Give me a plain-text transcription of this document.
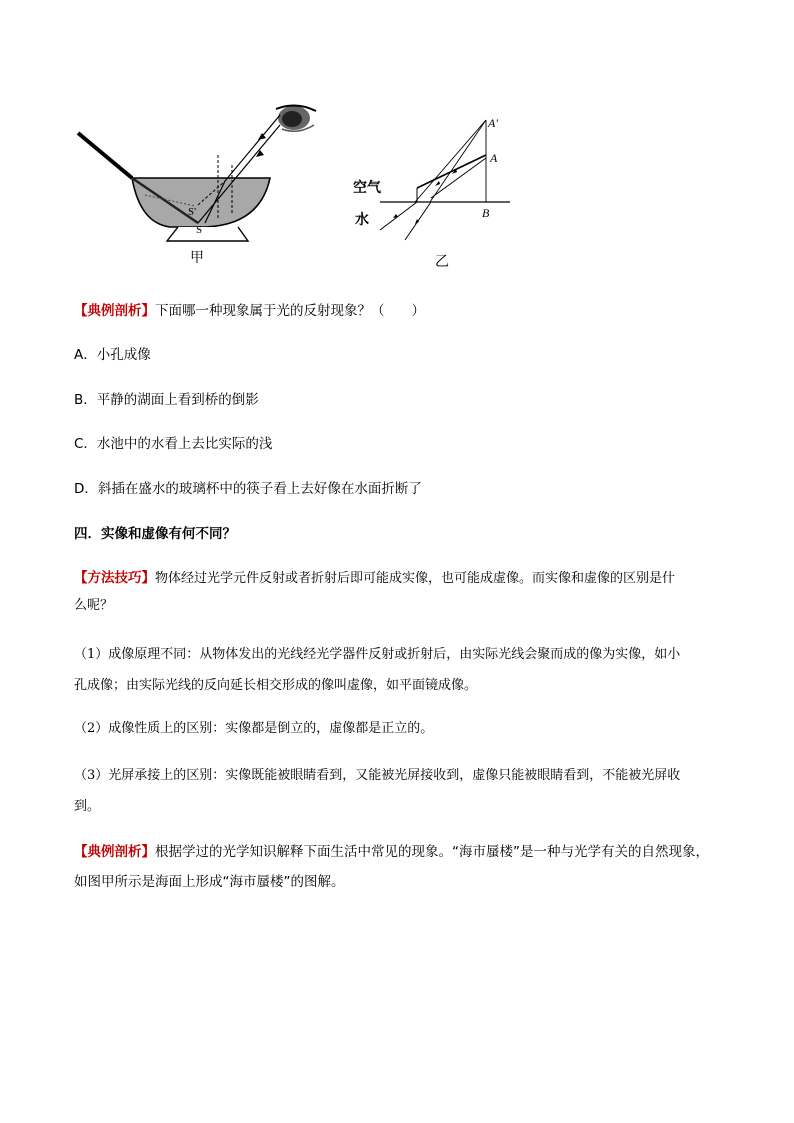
S'
S
甲
A'
A
B
空气
水
乙
【典例剖析】下面哪一种现象属于光的反射现象？（　　）
A．小孔成像
B．平静的湖面上看到桥的倒影
C．水池中的水看上去比实际的浅
D．斜插在盛水的玻璃杯中的筷子看上去好像在水面折断了
四．实像和虚像有何不同？
【方法技巧】物体经过光学元件反射或者折射后即可能成实像，也可能成虚像。而实像和虚像的区别是什
么呢？
（1）成像原理不同：从物体发出的光线经光学器件反射或折射后，由实际光线会聚而成的像为实像，如小
孔成像；由实际光线的反向延长相交形成的像叫虚像，如平面镜成像。
（2）成像性质上的区别：实像都是倒立的，虚像都是正立的。
（3）光屏承接上的区别：实像既能被眼睛看到，又能被光屏接收到，虚像只能被眼睛看到，不能被光屏收
到。
【典例剖析】根据学过的光学知识解释下面生活中常见的现象。“海市蜃楼”是一种与光学有关的自然现象，
如图甲所示是海面上形成“海市蜃楼”的图解。
